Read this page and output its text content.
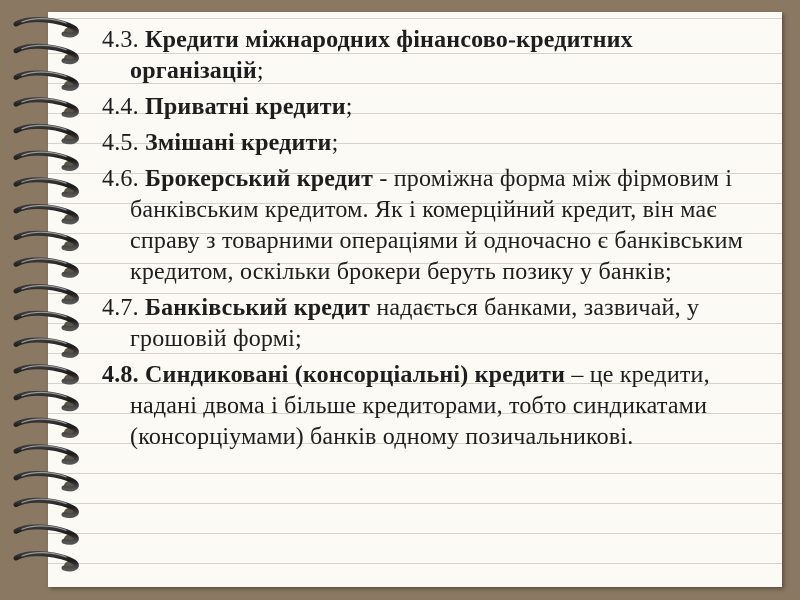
4.3. Кредити міжнародних фінансово-кредитних організацій;

4.4. Приватні кредити;

4.5. Змішані кредити;

4.6. Брокерський кредит - проміжна форма між фірмовим і банківським кредитом. Як і комерційний кредит, він має справу з товарними операціями й одночасно є банківським кредитом, оскільки брокери беруть позику у банків;

4.7. Банківський кредит надається банками, зазвичай, у грошовій формі;

4.8. Синдиковані (консорціальні) кредити – це кредити, надані двома і більше кредиторами, тобто синдикатами (консорціумами) банків одному позичальникові.
